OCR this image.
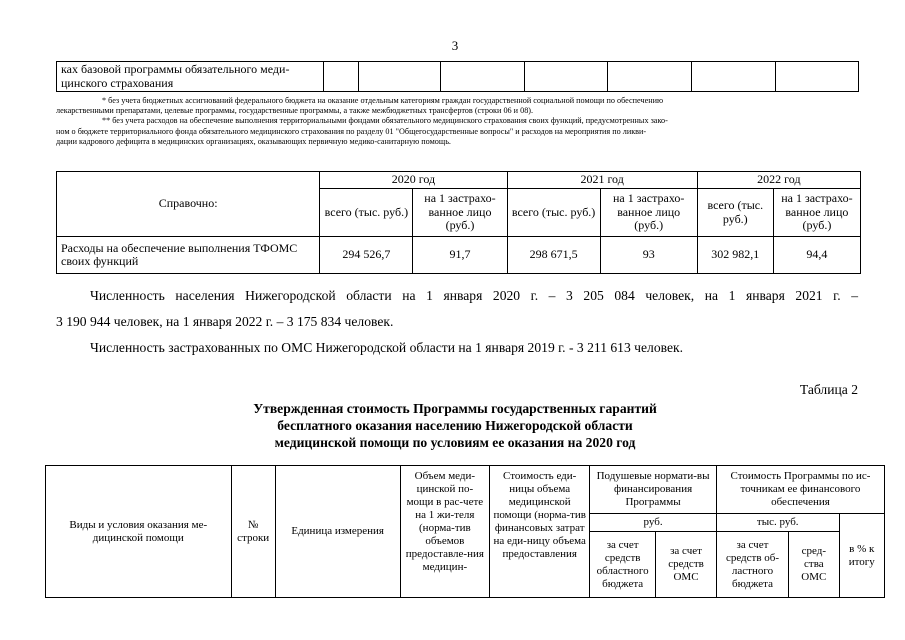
3
ках базовой программы обязательного меди-цинского страхования							
* без учета бюджетных ассигнований федерального бюджета на оказание отдельным категориям граждан государственной социальной помощи по обеспечению
лекарственными препаратами, целевые программы, государственные программы, а также межбюджетных трансфертов (строки 06 и 08).
** без учета расходов на обеспечение выполнения территориальными фондами обязательного медицинского страхования своих функций, предусмотренных зако-
ном о бюджете территориального фонда обязательного медицинского страхования по разделу 01 "Общегосударственные вопросы" и расходов на мероприятия по ликви-
дации кадрового дефицита в медицинских организациях, оказывающих первичную медико-санитарную помощь.
Справочно:	2020 год		2021 год		2022 год	
	всего (тыс. руб.)	на 1 застрахо-ванное лицо (руб.)	всего (тыс. руб.)	на 1 застрахо-ванное лицо (руб.)	всего (тыс. руб.)	на 1 застрахо-ванное лицо (руб.)
Расходы на обеспечение выполнения ТФОМС своих функций	294 526,7	91,7	298 671,5	93	302 982,1	94,4
Численность населения Нижегородской области на 1 января 2020 г. – 3 205 084 человек, на 1 января 2021 г. –
3 190 944 человек, на 1 января 2022 г. – 3 175 834 человек.
Численность застрахованных по ОМС Нижегородской области на 1 января 2019 г. - 3 211 613 человек.
Таблица 2
Утвержденная стоимость Программы государственных гарантий
бесплатного оказания населению Нижегородской области
медицинской помощи по условиям ее оказания на 2020 год
Виды и условия оказания ме-дицинской помощи	№ строки	Единица измерения	Объем меди-цинской по-мощи в рас-чете на 1 жи-теля (норма-тив объемов предоставле-ния медицин-	Стоимость еди-ницы объема медицинской помощи (норма-тив финансовых затрат на еди-ницу объема предоставления	Подушевые нормати-вы финансирования Программы		Стоимость Программы по ис-точникам ее финансового обеспечения		
					руб.		тыс. руб.		в % к итогу
					за счет средств областного бюджета	за счет средств ОМС	за счет средств об-ластного бюджета	сред-ства ОМС	
